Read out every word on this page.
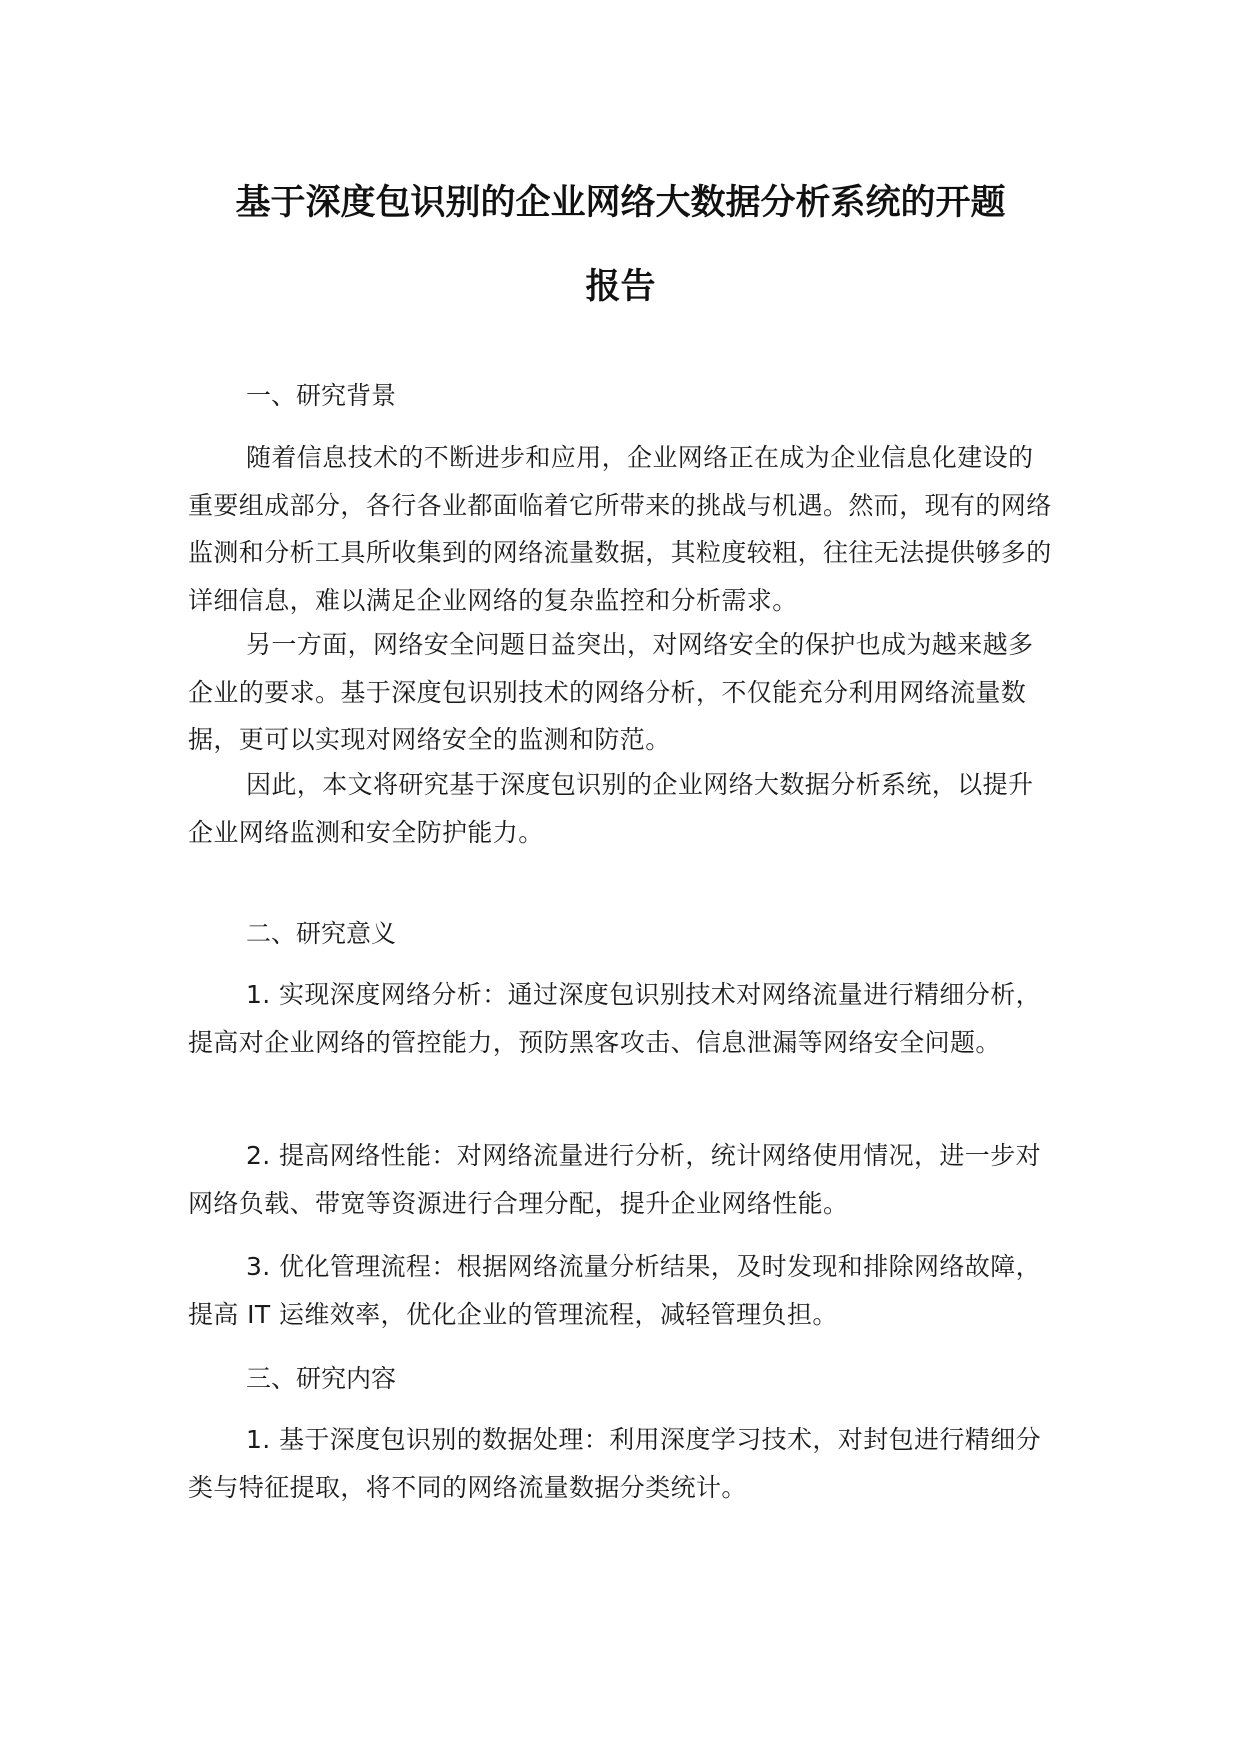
基于深度包识别的企业网络大数据分析系统的开题
报告
一、研究背景

随着信息技术的不断进步和应用，企业网络正在成为企业信息化建设的重要组成部分，各行各业都面临着它所带来的挑战与机遇。然而，现有的网络监测和分析工具所收集到的网络流量数据，其粒度较粗，往往无法提供够多的详细信息，难以满足企业网络的复杂监控和分析需求。

另一方面，网络安全问题日益突出，对网络安全的保护也成为越来越多企业的要求。基于深度包识别技术的网络分析，不仅能充分利用网络流量数据，更可以实现对网络安全的监测和防范。

因此，本文将研究基于深度包识别的企业网络大数据分析系统，以提升企业网络监测和安全防护能力。

二、研究意义

1. 实现深度网络分析：通过深度包识别技术对网络流量进行精细分析，提高对企业网络的管控能力，预防黑客攻击、信息泄漏等网络安全问题。

2. 提高网络性能：对网络流量进行分析，统计网络使用情况，进一步对网络负载、带宽等资源进行合理分配，提升企业网络性能。

3. 优化管理流程：根据网络流量分析结果，及时发现和排除网络故障，提高 IT 运维效率，优化企业的管理流程，减轻管理负担。

三、研究内容

1. 基于深度包识别的数据处理：利用深度学习技术，对封包进行精细分类与特征提取，将不同的网络流量数据分类统计。
